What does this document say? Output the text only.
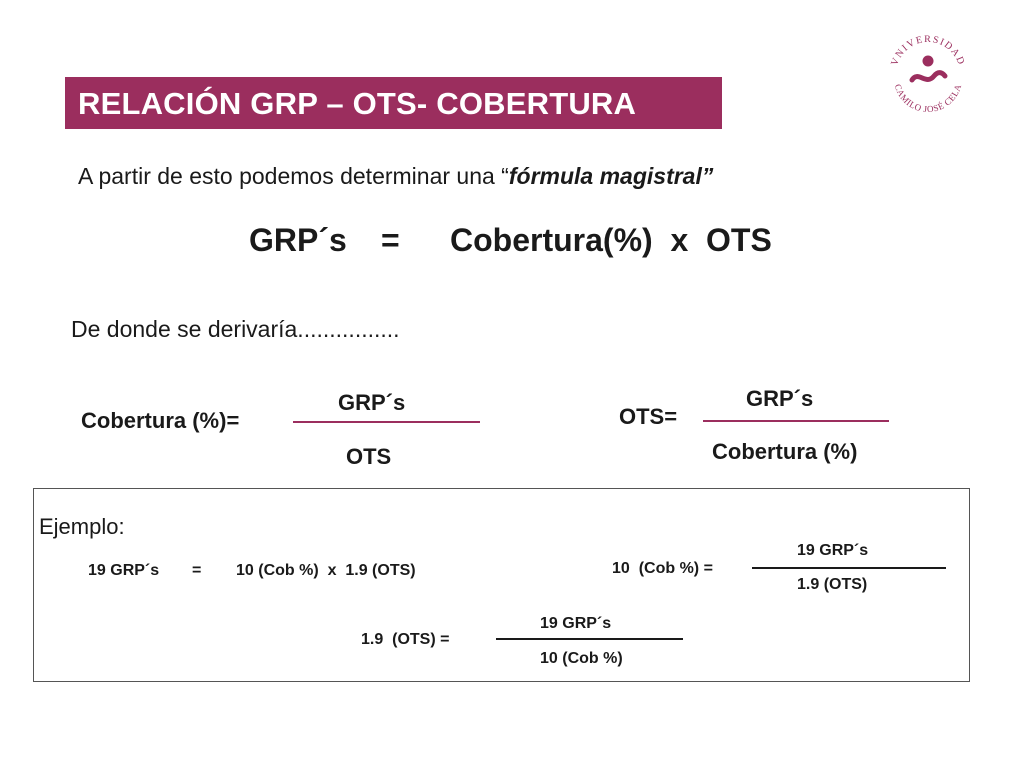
RELACIÓN GRP – OTS- COBERTURA
VNIVERSIDAD
CAMILO JOSÉ CELA
A partir de esto podemos determinar una “fórmula magistral”
GRP´s = Cobertura(%)  x  OTS
De donde se derivaría................
Cobertura (%)=
GRP´s
OTS
OTS=
GRP´s
Cobertura (%)
Ejemplo:
19 GRP´s = 10 (Cob %)  x  1.9 (OTS)	10  (Cob %) =
19 GRP´s
1.9 (OTS)
1.9  (OTS) =
19 GRP´s
10 (Cob %)
